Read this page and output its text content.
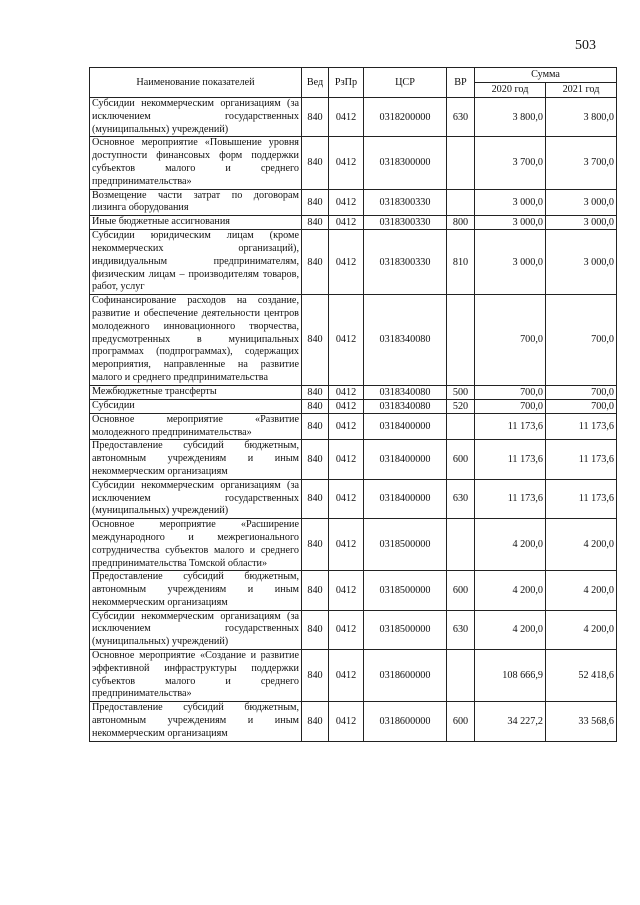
503
Наименование показателей	Вед	РзПр	ЦСР	ВР	Сумма	
					2020 год	2021 год
Субсидии некоммерческим организациям (за исключением государственных (муниципальных) учреждений)	840	0412	0318200000	630	3 800,0	3 800,0
Основное мероприятие «Повышение уровня доступности финансовых форм поддержки субъектов малого и среднего предпринимательства»	840	0412	0318300000		3 700,0	3 700,0
Возмещение части затрат по договорам лизинга оборудования	840	0412	0318300330		3 000,0	3 000,0
Иные бюджетные ассигнования	840	0412	0318300330	800	3 000,0	3 000,0
Субсидии юридическим лицам (кроме некоммерческих организаций), индивидуальным предпринимателям, физическим лицам – производителям товаров, работ, услуг	840	0412	0318300330	810	3 000,0	3 000,0
Софинансирование расходов на создание, развитие и обеспечение деятельности центров молодежного инновационного творчества, предусмотренных в муниципальных программах (подпрограммах), содержащих мероприятия, направленные на развитие малого и среднего предпринимательства	840	0412	0318340080		700,0	700,0
Межбюджетные трансферты	840	0412	0318340080	500	700,0	700,0
Субсидии	840	0412	0318340080	520	700,0	700,0
Основное мероприятие «Развитие молодежного предпринимательства»	840	0412	0318400000		11 173,6	11 173,6
Предоставление субсидий бюджетным, автономным учреждениям и иным некоммерческим организациям	840	0412	0318400000	600	11 173,6	11 173,6
Субсидии некоммерческим организациям (за исключением государственных (муниципальных) учреждений)	840	0412	0318400000	630	11 173,6	11 173,6
Основное мероприятие «Расширение международного и межрегионального сотрудничества субъектов малого и среднего предпринимательства Томской области»	840	0412	0318500000		4 200,0	4 200,0
Предоставление субсидий бюджетным, автономным учреждениям и иным некоммерческим организациям	840	0412	0318500000	600	4 200,0	4 200,0
Субсидии некоммерческим организациям (за исключением государственных (муниципальных) учреждений)	840	0412	0318500000	630	4 200,0	4 200,0
Основное мероприятие «Создание и развитие эффективной инфраструктуры поддержки субъектов малого и среднего предпринимательства»	840	0412	0318600000		108 666,9	52 418,6
Предоставление субсидий бюджетным, автономным учреждениям и иным некоммерческим организациям	840	0412	0318600000	600	34 227,2	33 568,6
